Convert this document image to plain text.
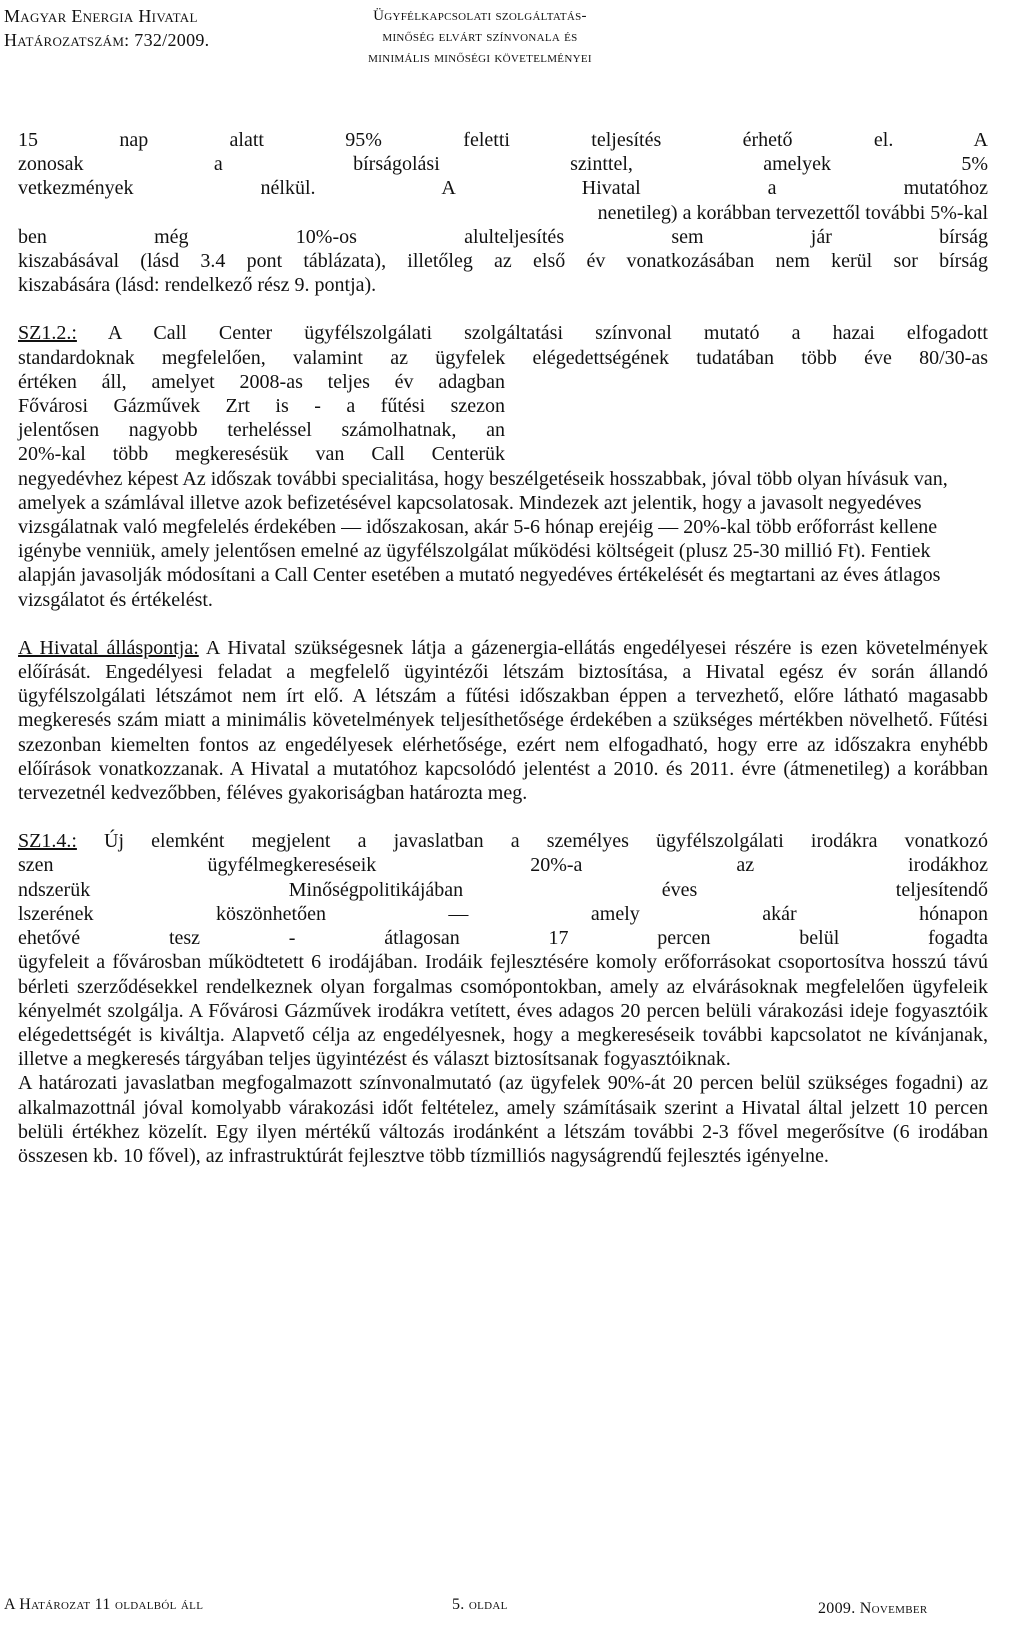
Magyar Energia Hivatal
Határozatszám: 732/2009.
Ügyfélkapcsolati szolgáltatás-
minőség elvárt színvonala és
minimális minőségi követelményei

15 nap alatt 95% feletti teljesítés érhető el. A

zonosak a bírságolási szinttel, amelyek 5%

vetkezmények nélkül. A Hivatal a mutatóhoz

nenetileg) a korábban tervezettől további 5%-kal

ben még 10%-os alulteljesítés sem jár bírság

kiszabásával (lásd 3.4 pont táblázata), illetőleg az első év vonatkozásában nem kerül sor bírság

kiszabására (lásd: rendelkező rész 9. pontja).

SZ1.2.: A Call Center ügyfélszolgálati szolgáltatási színvonal mutató a hazai elfogadott

standardoknak megfelelően, valamint az ügyfelek elégedettségének tudatában több éve 80/30-as

értéken áll, amelyet 2008-as teljes év adagban

Fővárosi Gázművek Zrt is - a fűtési szezon

jelentősen nagyobb terheléssel számolhatnak, an

20%-kal több megkeresésük van Call Centerük

negyedévhez képest Az időszak további specialitása, hogy beszélgetéseik hosszabbak, jóval több olyan hívásuk van, amelyek a számlával illetve azok befizetésével kapcsolatosak. Mindezek azt jelentik, hogy a javasolt negyedéves vizsgálatnak való megfelelés érdekében — időszakosan, akár 5-6 hónap erejéig — 20%-kal több erőforrást kellene igénybe venniük, amely jelentősen emelné az ügyfélszolgálat működési költségeit (plusz 25-30 millió Ft). Fentiek alapján javasolják módosítani a Call Center esetében a mutató negyedéves értékelését és megtartani az éves átlagos vizsgálatot és értékelést.

A Hivatal álláspontja: A Hivatal szükségesnek látja a gázenergia-ellátás engedélyesei részére is ezen követelmények előírását. Engedélyesi feladat a megfelelő ügyintézői létszám biztosítása, a Hivatal egész év során állandó ügyfélszolgálati létszámot nem írt elő. A létszám a fűtési időszakban éppen a tervezhető, előre látható magasabb megkeresés szám miatt a minimális követelmények teljesíthetősége érdekében a szükséges mértékben növelhető. Fűtési szezonban kiemelten fontos az engedélyesek elérhetősége, ezért nem elfogadható, hogy erre az időszakra enyhébb előírások vonatkozzanak. A Hivatal a mutatóhoz kapcsolódó jelentést a 2010. és 2011. évre (átmenetileg) a korábban tervezetnél kedvezőbben, féléves gyakoriságban határozta meg.

SZ1.4.: Új elemként megjelent a javaslatban a személyes ügyfélszolgálati irodákra vonatkozó

szen ügyfélmegkereséseik 20%-a az irodákhoz

ndszerük Minőségpolitikájában éves teljesítendő

lszerének köszönhetően — amely akár hónapon

ehetővé tesz - átlagosan 17 percen belül fogadta

ügyfeleit a fővárosban működtetett 6 irodájában. Irodáik fejlesztésére komoly erőforrásokat csoportosítva hosszú távú bérleti szerződésekkel rendelkeznek olyan forgalmas csomópontokban, amely az elvárásoknak megfelelően ügyfeleik kényelmét szolgálja. A Fővárosi Gázművek irodákra vetített, éves adagos 20 percen belüli várakozási ideje fogyasztóik elégedettségét is kiváltja. Alapvető célja az engedélyesnek, hogy a megkereséseik további kapcsolatot ne kívánjanak, illetve a megkeresés tárgyában teljes ügyintézést és választ biztosítsanak fogyasztóiknak.

A határozati javaslatban megfogalmazott színvonalmutató (az ügyfelek 90%-át 20 percen belül szükséges fogadni) az alkalmazottnál jóval komolyabb várakozási időt feltételez, amely számításaik szerint a Hivatal által jelzett 10 percen belüli értékhez közelít. Egy ilyen mértékű változás irodánként a létszám további 2-3 fővel megerősítve (6 irodában összesen kb. 10 fővel), az infrastruktúrát fejlesztve több tízmilliós nagyságrendű fejlesztés igényelne.

A Határozat 11 oldalból áll	5. oldal	2009. November
